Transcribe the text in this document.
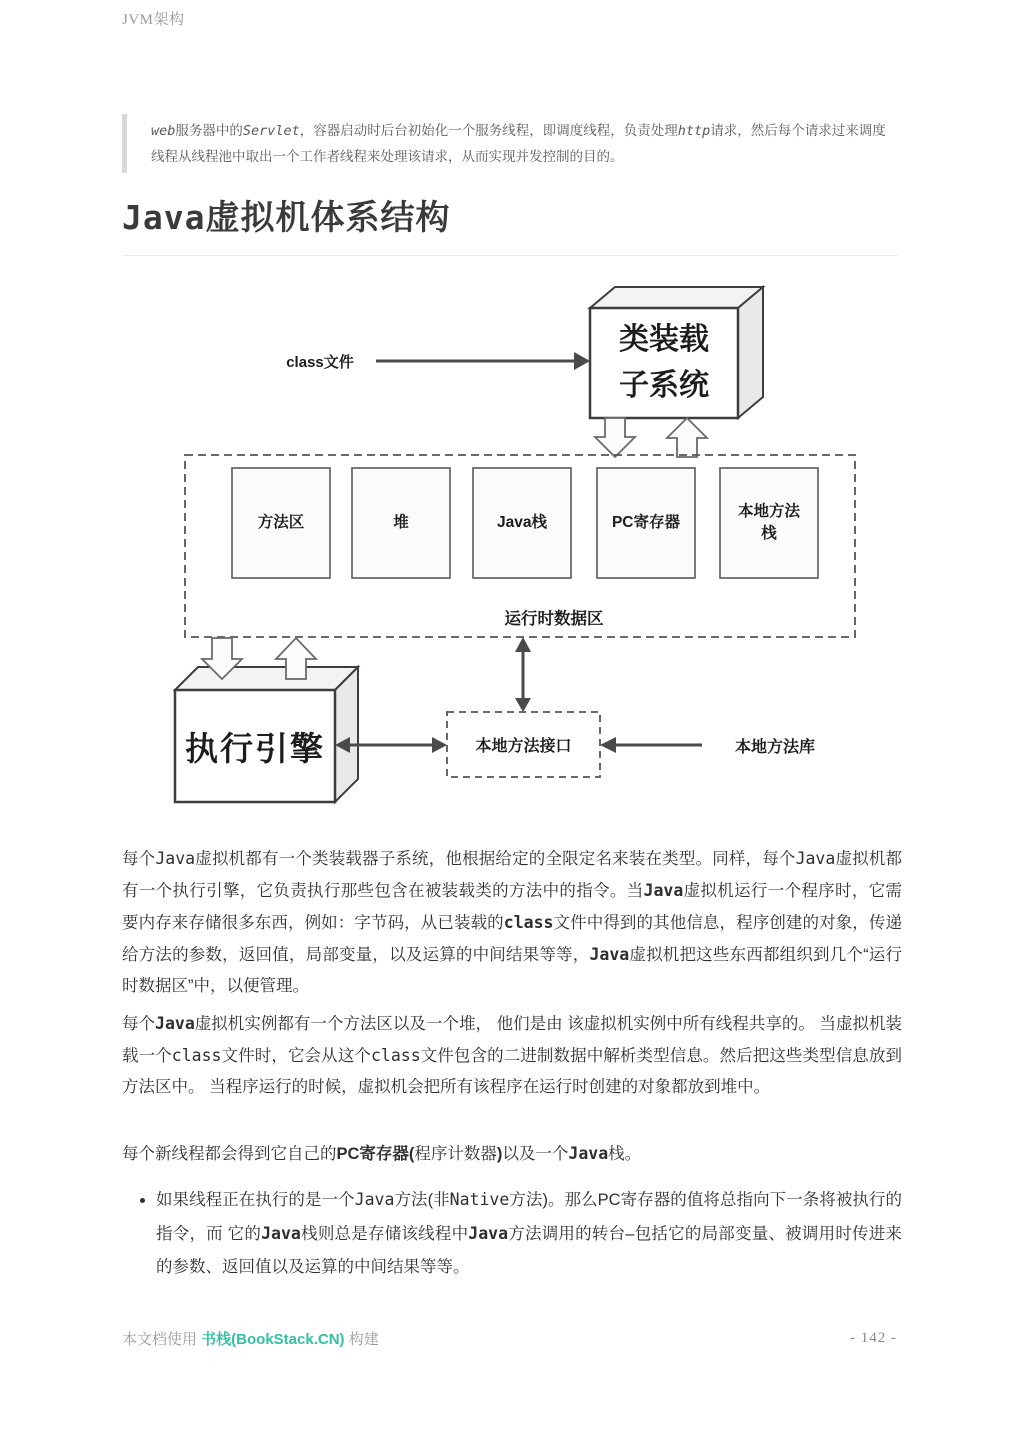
JVM架构
web服务器中的Servlet，容器启动时后台初始化一个服务线程，即调度线程，负责处理http请求，然后每个请求过来调度线程从线程池中取出一个工作者线程来处理该请求，从而实现并发控制的目的。
Java虚拟机体系结构
class文件
类装载
子系统
方法区	堆	Java栈	PC寄存器
本地方法
栈
运行时数据区
执行引擎	本地方法接口	本地方法库

每个Java虚拟机都有一个类装载器子系统，他根据给定的全限定名来装在类型。同样，每个Java虚拟机都有一个执行引擎，它负责执行那些包含在被装载类的方法中的指令。当Java虚拟机运行一个程序时，它需要内存来存储很多东西，例如：字节码，从已装载的class文件中得到的其他信息，程序创建的对象，传递给方法的参数，返回值，局部变量，以及运算的中间结果等等，Java虚拟机把这些东西都组织到几个“运行时数据区”中，以便管理。

每个Java虚拟机实例都有一个方法区以及一个堆， 他们是由 该虚拟机实例中所有线程共享的。 当虚拟机装载一个class文件时，它会从这个class文件包含的二进制数据中解析类型信息。然后把这些类型信息放到方法区中。 当程序运行的时候，虚拟机会把所有该程序在运行时创建的对象都放到堆中。

每个新线程都会得到它自己的PC寄存器(程序计数器)以及一个Java栈。

• 如果线程正在执行的是一个Java方法(非Native方法)。那么PC寄存器的值将总指向下一条将被执行的指令，而 它的Java栈则总是存储该线程中Java方法调用的转台–包括它的局部变量、被调用时传进来的参数、返回值以及运算的中间结果等等。
本文档使用 书栈(BookStack.CN) 构建	- 142 -
